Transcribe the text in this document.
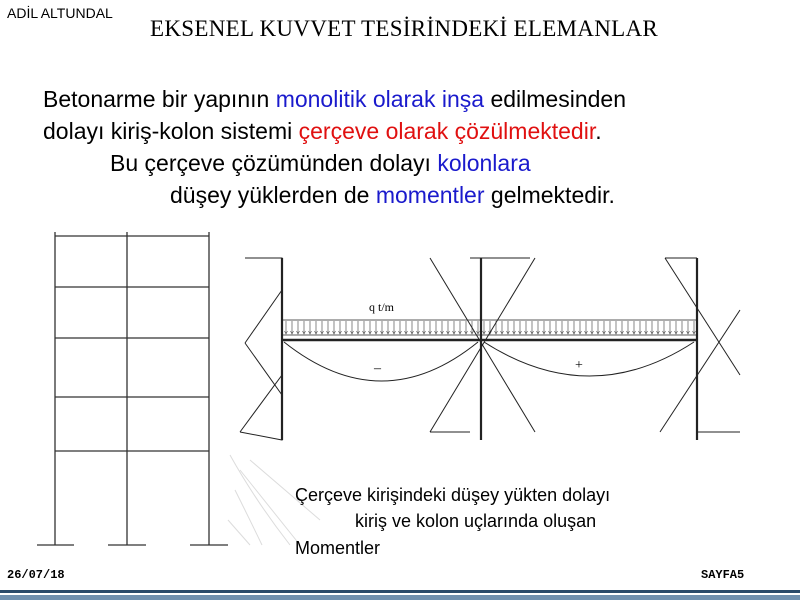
ADİL ALTUNDAL
EKSENEL KUVVET TESİRİNDEKİ ELEMANLAR
Betonarme bir yapının monolitik olarak inşa edilmesinden
dolayı kiriş-kolon sistemi çerçeve olarak çözülmektedir.
Bu çerçeve çözümünden dolayı kolonlara
düşey yüklerden de momentler gelmektedir.
q t/m
–	+
Çerçeve kirişindeki düşey yükten dolayı
kiriş ve kolon uçlarında oluşan
Momentler
26/07/18	SAYFA5
